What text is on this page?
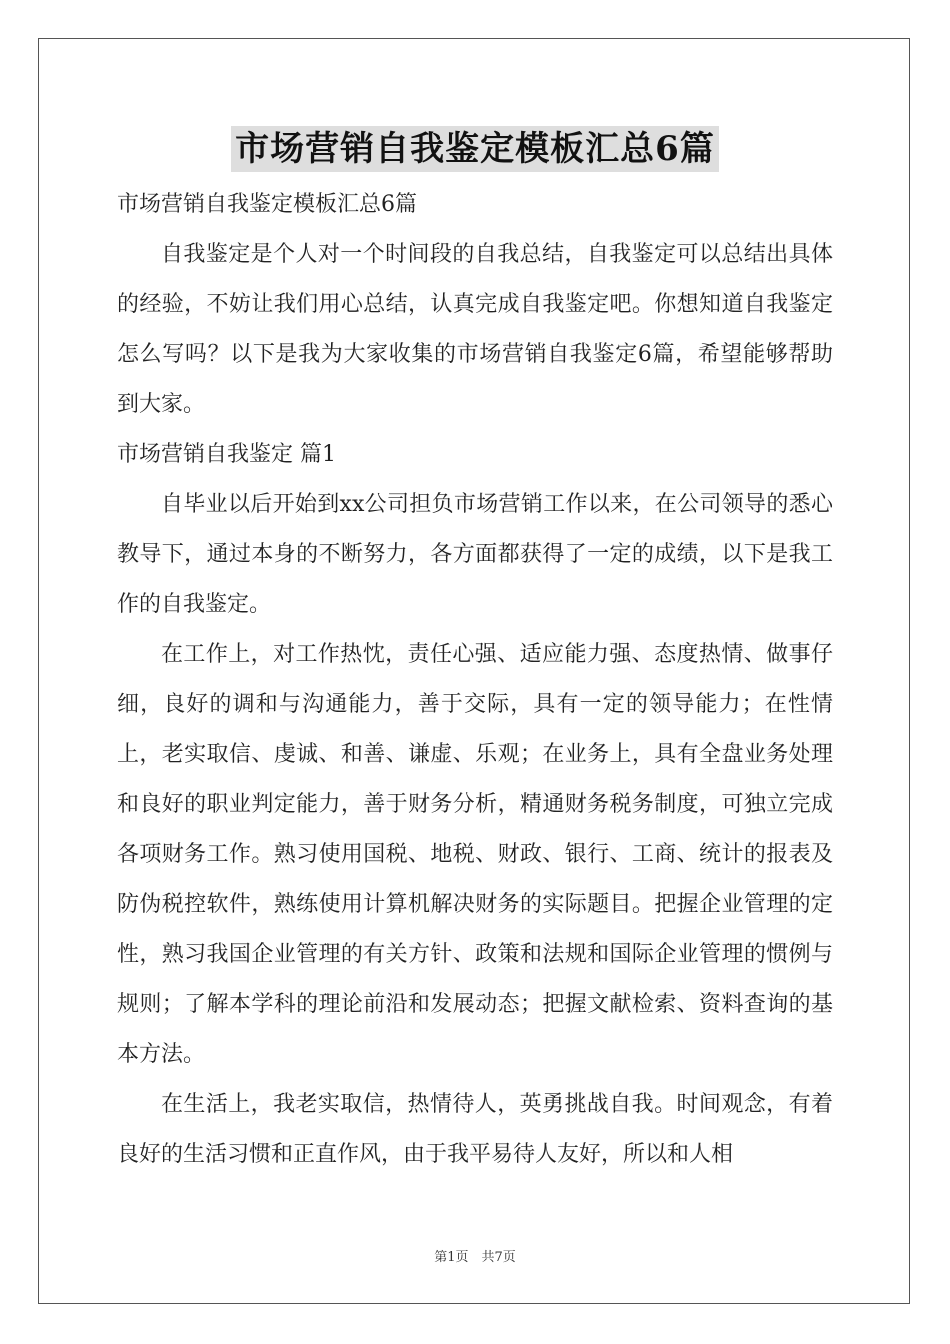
市场营销自我鉴定模板汇总6篇

市场营销自我鉴定模板汇总6篇

自我鉴定是个人对一个时间段的自我总结，自我鉴定可以总结出具体的经验，不妨让我们用心总结，认真完成自我鉴定吧。你想知道自我鉴定怎么写吗？以下是我为大家收集的市场营销自我鉴定6篇，希望能够帮助到大家。

市场营销自我鉴定 篇1

自毕业以后开始到xx公司担负市场营销工作以来，在公司领导的悉心教导下，通过本身的不断努力，各方面都获得了一定的成绩，以下是我工作的自我鉴定。

在工作上，对工作热忱，责任心强、适应能力强、态度热情、做事仔细，良好的调和与沟通能力，善于交际，具有一定的领导能力；在性情上，老实取信、虔诚、和善、谦虚、乐观；在业务上，具有全盘业务处理和良好的职业判定能力，善于财务分析，精通财务税务制度，可独立完成各项财务工作。熟习使用国税、地税、财政、银行、工商、统计的报表及防伪税控软件，熟练使用计算机解决财务的实际题目。把握企业管理的定性，熟习我国企业管理的有关方针、政策和法规和国际企业管理的惯例与规则；了解本学科的理论前沿和发展动态；把握文献检索、资料查询的基本方法。

在生活上，我老实取信，热情待人，英勇挑战自我。时间观念，有着良好的生活习惯和正直作风，由于我平易待人友好，所以和人相

第1页　共7页
